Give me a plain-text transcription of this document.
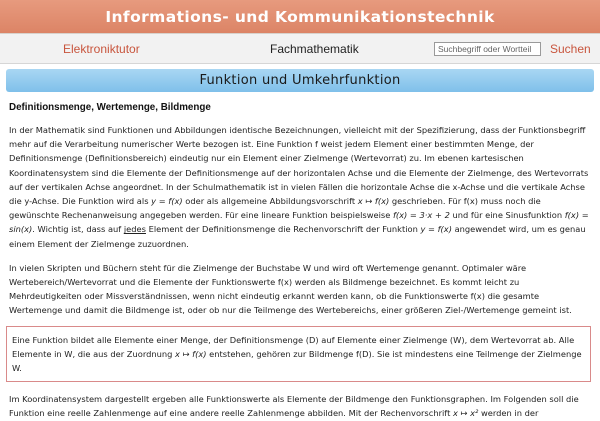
Informations- und Kommunikationstechnik
Elektroniktutor	Fachmathematik
Suchbegriff oder Wortteil	Suchen
Funktion und Umkehrfunktion
Definitionsmenge, Wertemenge, Bildmenge

In der Mathematik sind Funktionen und Abbildungen identische Bezeichnungen, vielleicht mit der Spezifizierung, dass der Funktionsbegriff mehr auf die Verarbeitung numerischer Werte bezogen ist. Eine Funktion f weist jedem Element einer bestimmten Menge, der Definitionsmenge (Definitionsbereich) eindeutig nur ein Element einer Zielmenge (Wertevorrat) zu. Im ebenen kartesischen Koordinatensystem sind die Elemente der Definitionsmenge auf der horizontalen Achse und die Elemente der Zielmenge, des Wertevorrats auf der vertikalen Achse angeordnet. In der Schulmathematik ist in vielen Fällen die horizontale Achse die x-Achse und die vertikale Achse die y-Achse. Die Funktion wird als y = f(x) oder als allgemeine Abbildungsvorschrift x ↦ f(x) geschrieben. Für f(x) muss noch die gewünschte Rechenanweisung angegeben werden. Für eine lineare Funktion beispielsweise f(x) = 3·x + 2 und für eine Sinusfunktion f(x) = sin(x). Wichtig ist, dass auf jedes Element der Definitionsmenge die Rechenvorschrift der Funktion y = f(x) angewendet wird, um es genau einem Element der Zielmenge zuzuordnen.

In vielen Skripten und Büchern steht für die Zielmenge der Buchstabe W und wird oft Wertemenge genannt. Optimaler wäre Wertebereich/Wertevorrat und die Elemente der Funktionswerte f(x) werden als Bildmenge bezeichnet. Es kommt leicht zu Mehrdeutigkeiten oder Missverständnissen, wenn nicht eindeutig erkannt werden kann, ob die Funktionswerte f(x) die gesamte Wertemenge und damit die Bildmenge ist, oder ob nur die Teilmenge des Wertebereichs, einer größeren Ziel-/Wertemenge gemeint ist.

Eine Funktion bildet alle Elemente einer Menge, der Definitionsmenge (D) auf Elemente einer Zielmenge (W), dem Wertevorrat ab. Alle Elemente in W, die aus der Zuordnung x ↦ f(x) entstehen, gehören zur Bildmenge f(D). Sie ist mindestens eine Teilmenge der Zielmenge W.

Im Koordinatensystem dargestellt ergeben alle Funktionswerte als Elemente der Bildmenge den Funktionsgraphen. Im Folgenden soll die Funktion eine reelle Zahlenmenge auf eine andere reelle Zahlenmenge abbilden. Mit der Rechenvorschrift x ↦ x² werden in der
